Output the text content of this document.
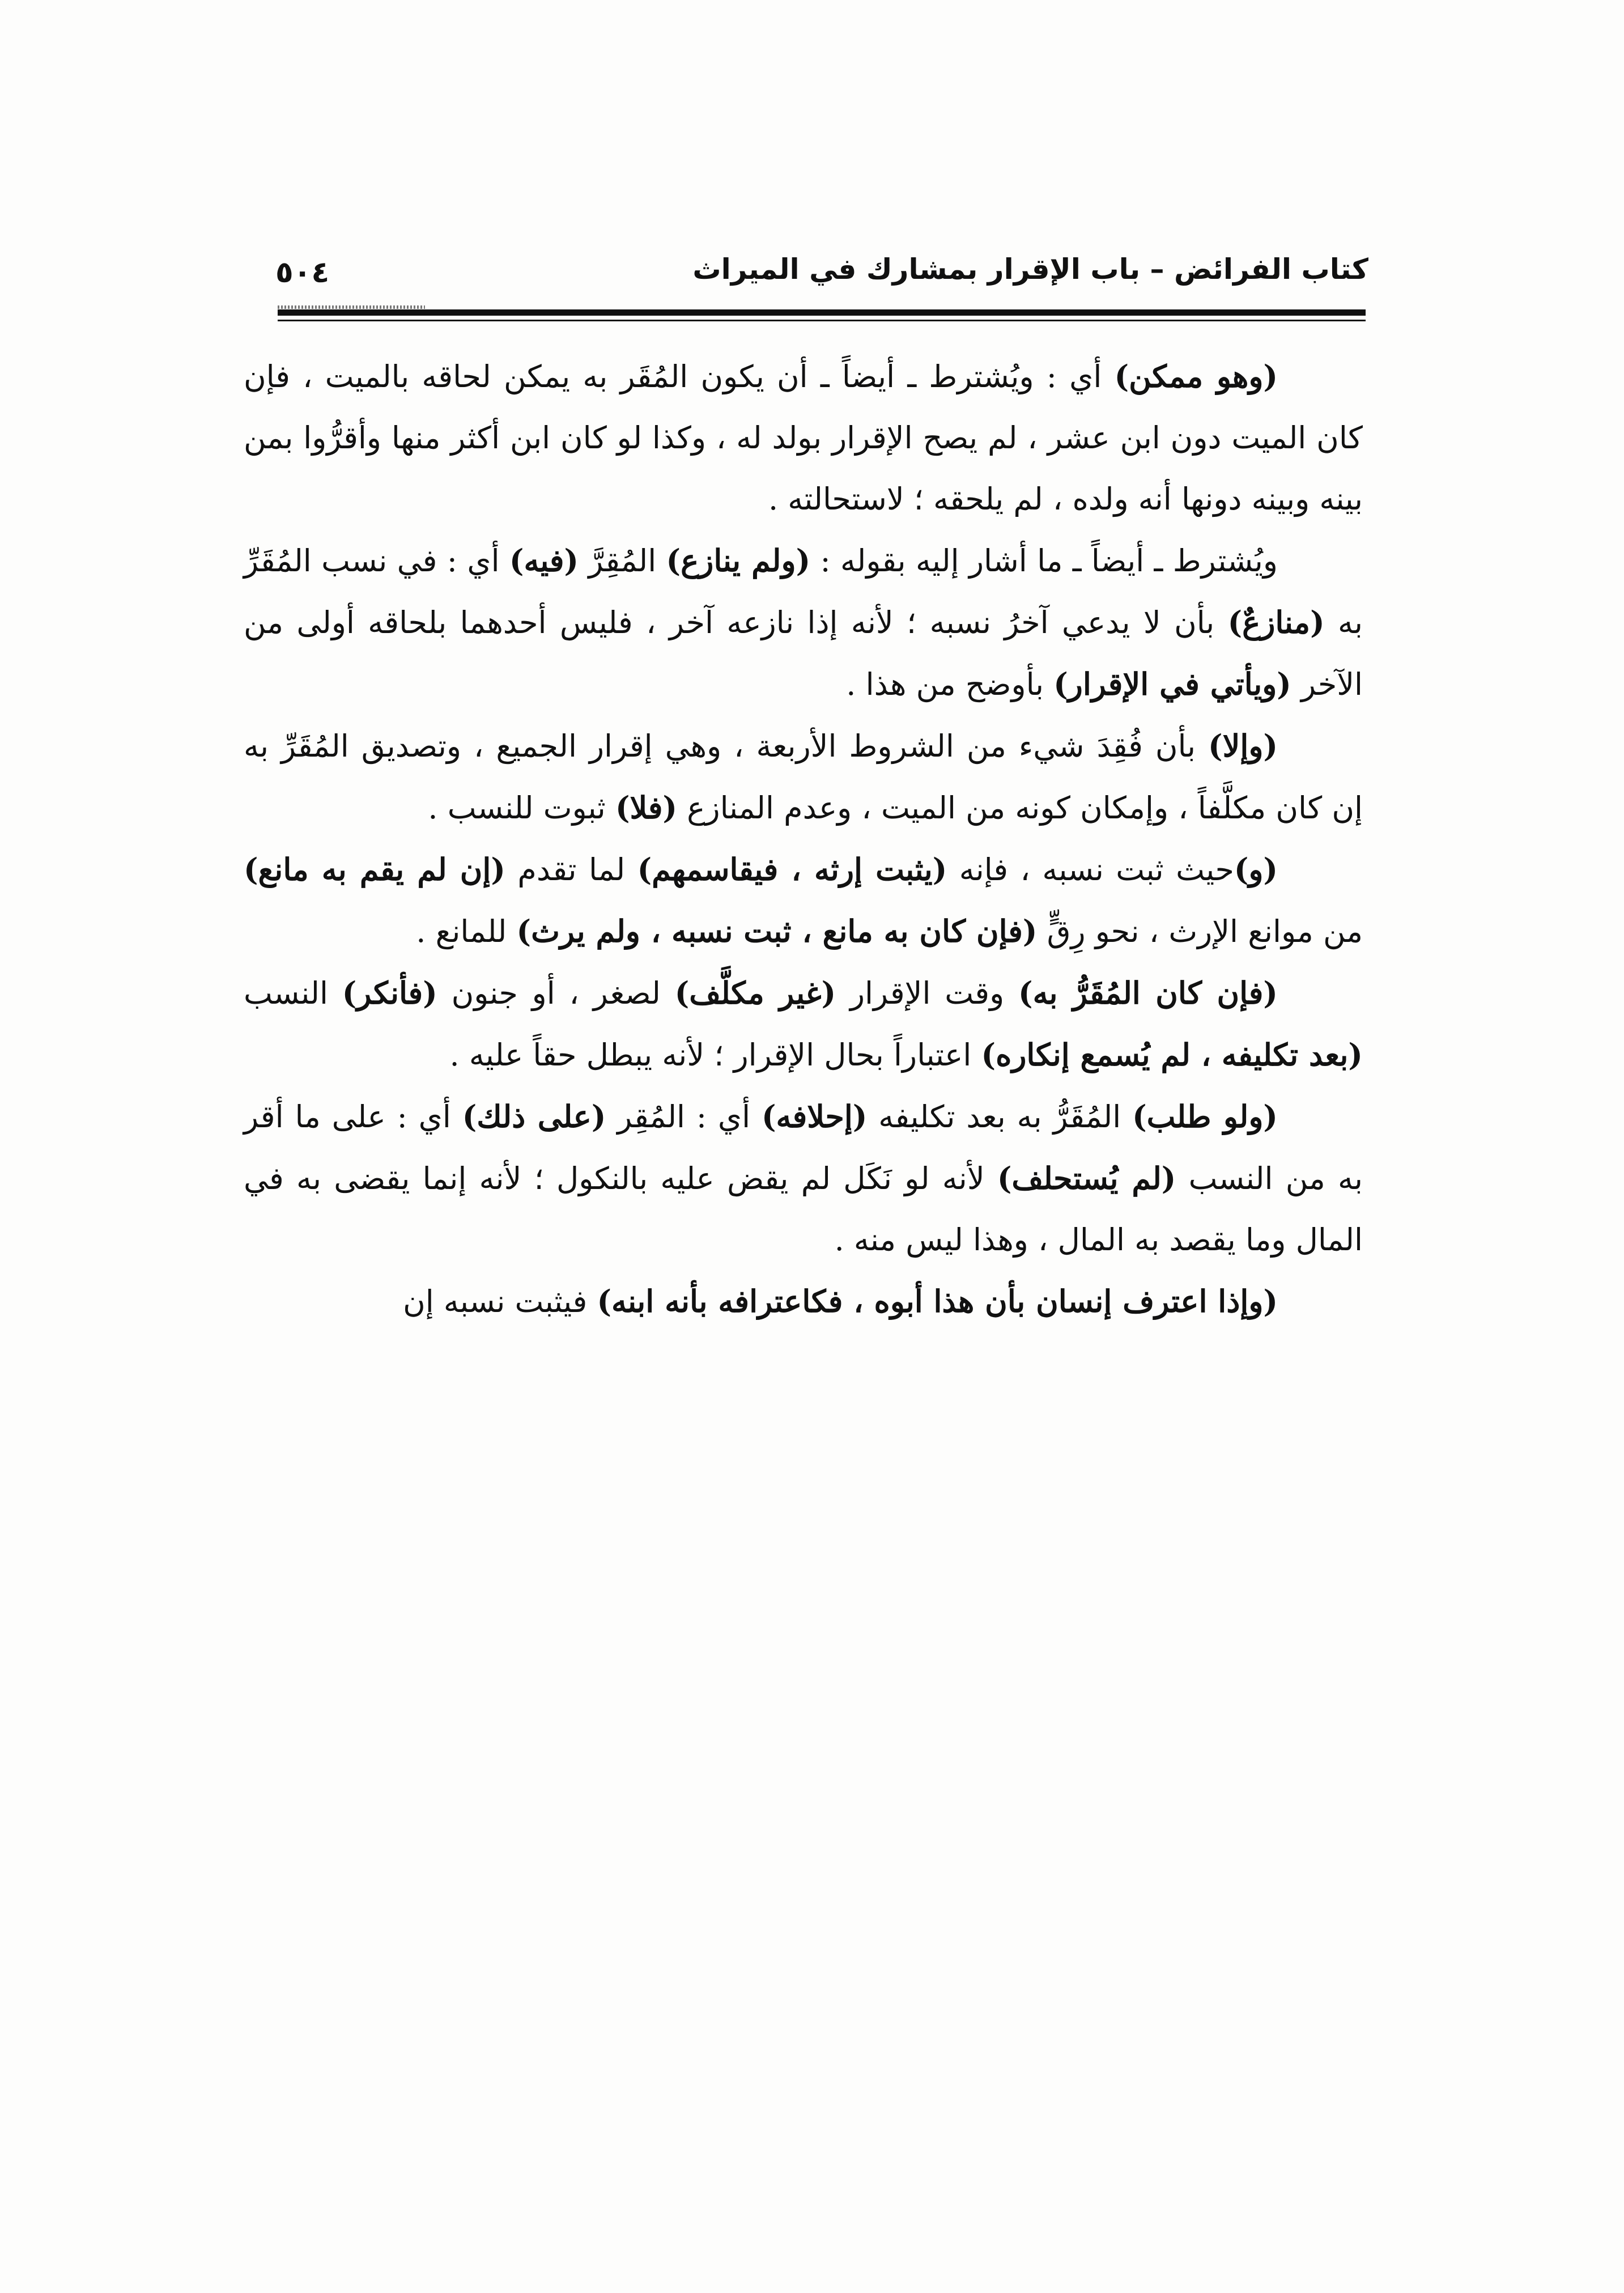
كتاب الفرائض – باب الإقرار بمشارك في الميراث
٥٠٤

(وهو ممكن) أي : ويُشترط ـ أيضاً ـ أن يكون المُقَر به يمكن لحاقه بالميت ، فإن كان الميت دون ابن عشر ، لم يصح الإقرار بولد له ، وكذا لو كان ابن أكثر منها وأقرُّوا بمن بينه وبينه دونها أنه ولده ، لم يلحقه ؛ لاستحالته .

ويُشترط ـ أيضاً ـ ما أشار إليه بقوله : (ولم ينازع) المُقِرَّ (فيه) أي : في نسب المُقَرِّ به (منازعٌ) بأن لا يدعي آخرُ نسبه ؛ لأنه إذا نازعه آخر ، فليس أحدهما بلحاقه أولى من الآخر (ويأتي في الإقرار) بأوضح من هذا .

(وإلا) بأن فُقِدَ شيء من الشروط الأربعة ، وهي إقرار الجميع ، وتصديق المُقَرِّ به إن كان مكلَّفاً ، وإمكان كونه من الميت ، وعدم المنازع (فلا) ثبوت للنسب .

(و)حيث ثبت نسبه ، فإنه (يثبت إرثه ، فيقاسمهم) لما تقدم (إن لم يقم به مانع) من موانع الإرث ، نحو رِقٍّ (فإن كان به مانع ، ثبت نسبه ، ولم يرث) للمانع .

(فإن كان المُقَرُّ به) وقت الإقرار (غير مكلَّف) لصغر ، أو جنون (فأنكر) النسب (بعد تكليفه ، لم يُسمع إنكاره) اعتباراً بحال الإقرار ؛ لأنه يبطل حقاً عليه .

(ولو طلب) المُقَرُّ به بعد تكليفه (إحلافه) أي : المُقِر (على ذلك) أي : على ما أقر به من النسب (لم يُستحلف) لأنه لو نَكَل لم يقض عليه بالنكول ؛ لأنه إنما يقضى به في المال وما يقصد به المال ، وهذا ليس منه .

(وإذا اعترف إنسان بأن هذا أبوه ، فكاعترافه بأنه ابنه) فيثبت نسبه إن
